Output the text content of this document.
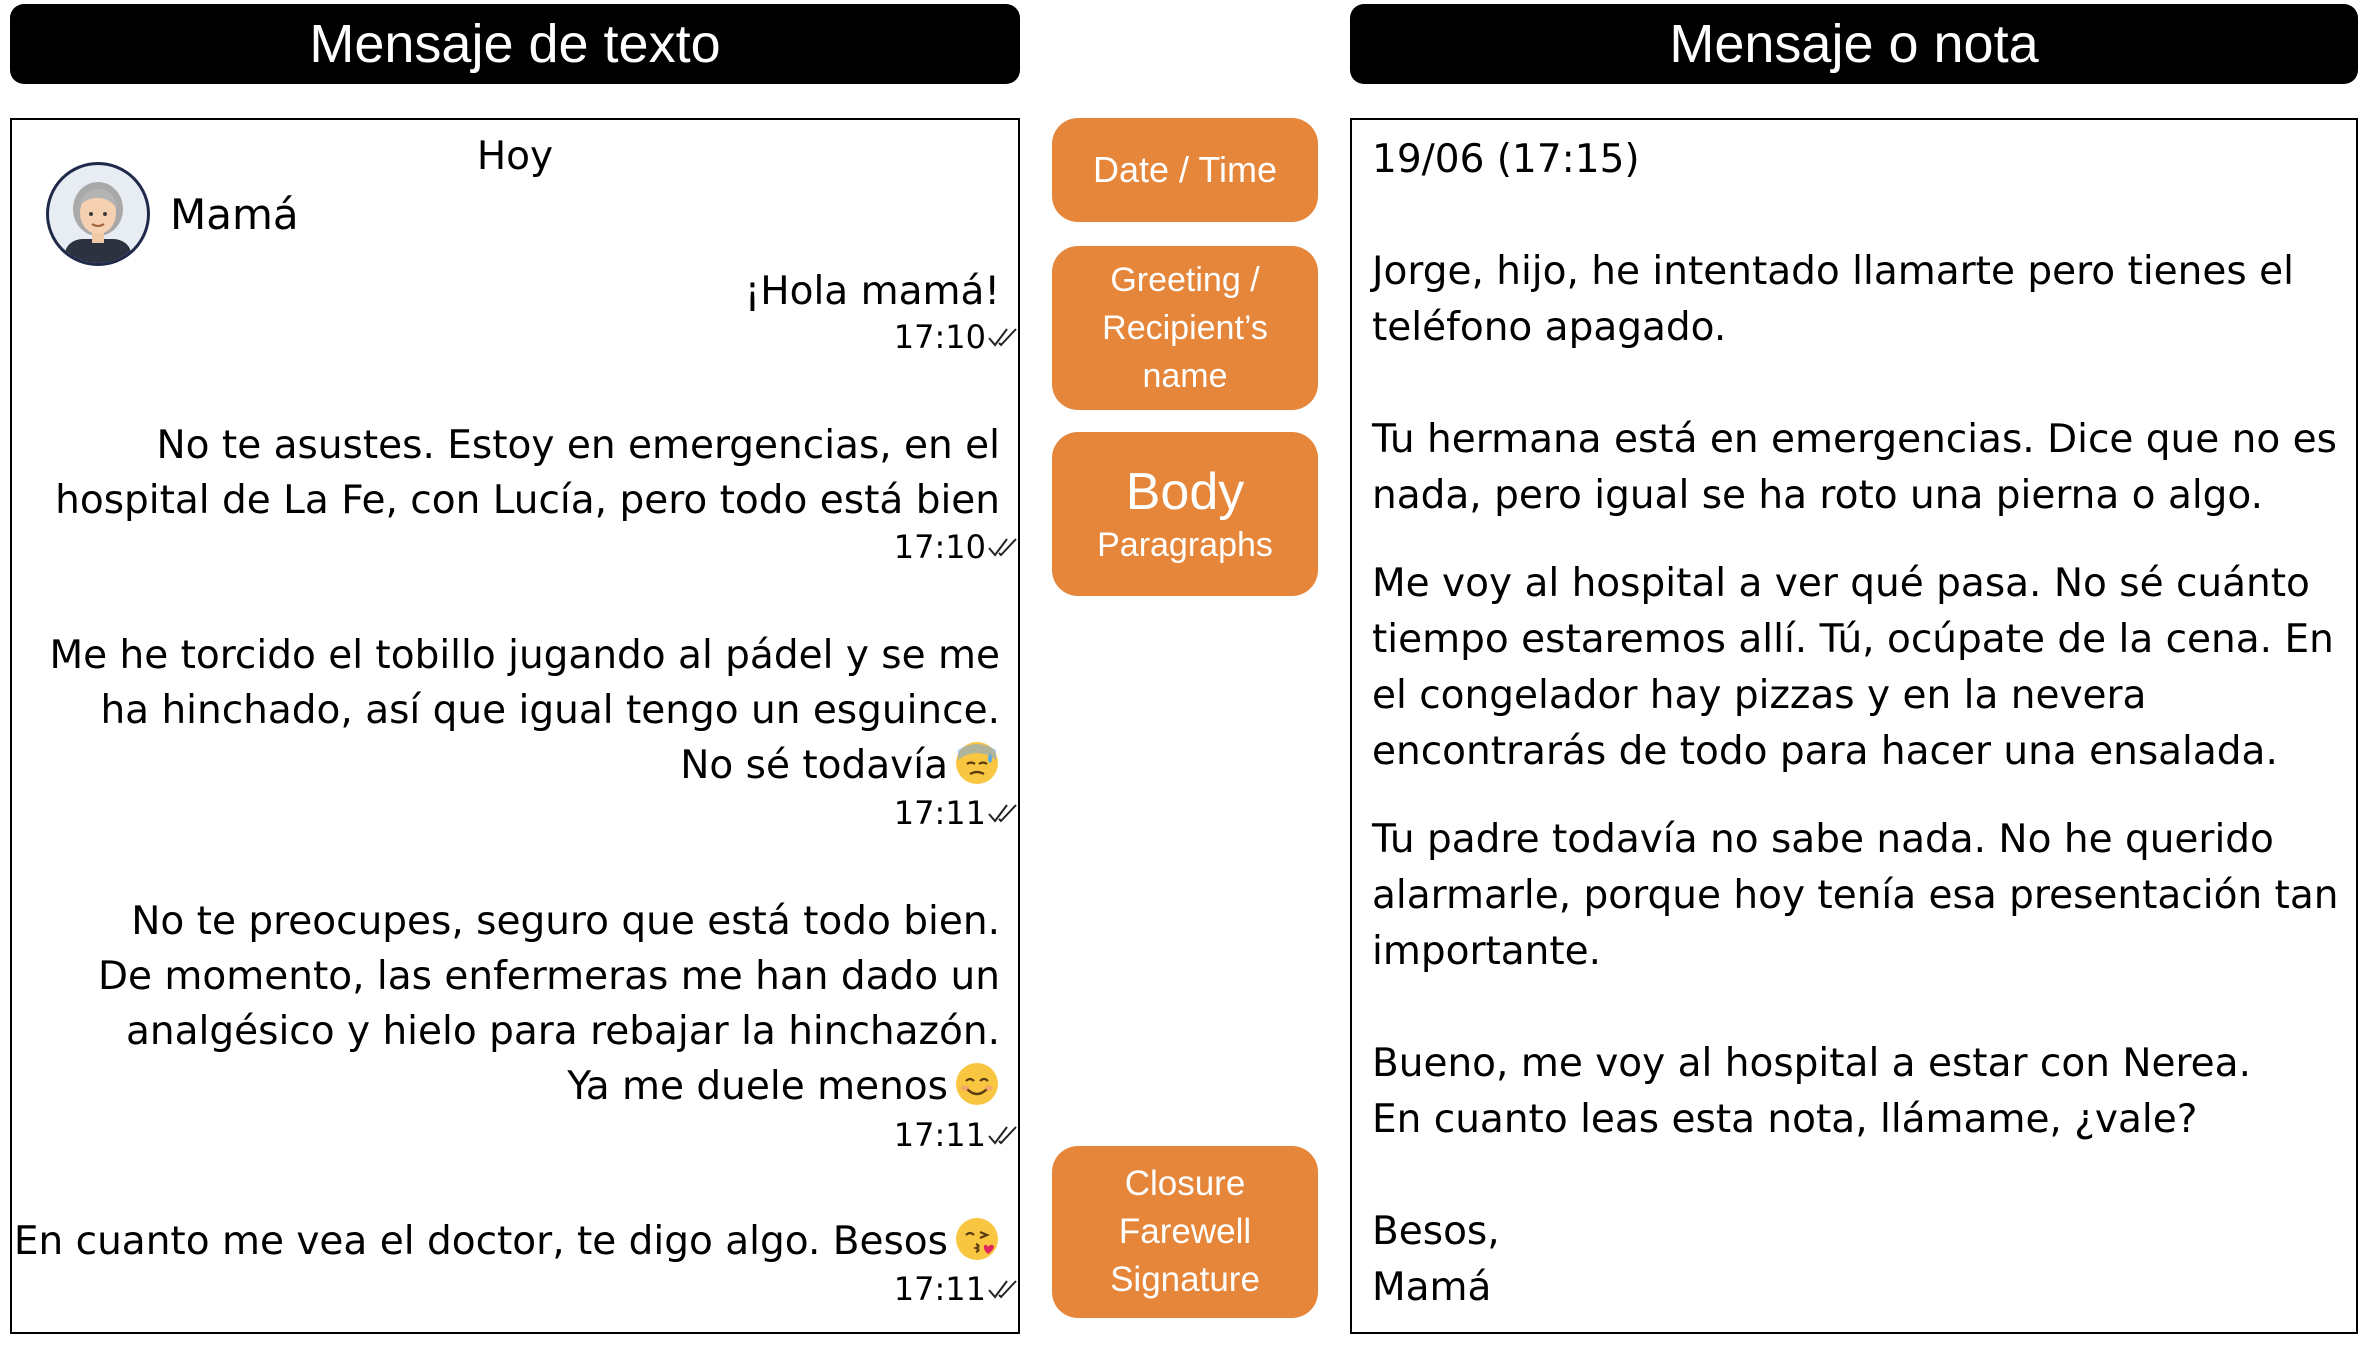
Mensaje de texto	Mensaje o nota
Date / Time
Greeting /
Recipient’s
name
Body
Paragraphs
Closure
Farewell
Signature
Hoy
Mamá
¡Hola mamá!
17:10
No te asustes. Estoy en emergencias, en el
hospital de La Fe, con Lucía, pero todo está bien
17:10
Me he torcido el tobillo jugando al pádel y se me
ha hinchado, así que igual tengo un esguince.
No sé todavía
17:11
No te preocupes, seguro que está todo bien.
De momento, las enfermeras me han dado un
analgésico y hielo para rebajar la hinchazón.
Ya me duele menos
17:11
En cuanto me vea el doctor, te digo algo. Besos
17:11
19/06 (17:15)
Jorge, hijo, he intentado llamarte pero tienes el
teléfono apagado.
Tu hermana está en emergencias. Dice que no es
nada, pero igual se ha roto una pierna o algo.
Me voy al hospital a ver qué pasa. No sé cuánto
tiempo estaremos allí. Tú, ocúpate de la cena. En
el congelador hay pizzas y en la nevera
encontrarás de todo para hacer una ensalada.
Tu padre todavía no sabe nada. No he querido
alarmarle, porque hoy tenía esa presentación tan
importante.
Bueno, me voy al hospital a estar con Nerea.
En cuanto leas esta nota, llámame, ¿vale?
Besos,
Mamá
